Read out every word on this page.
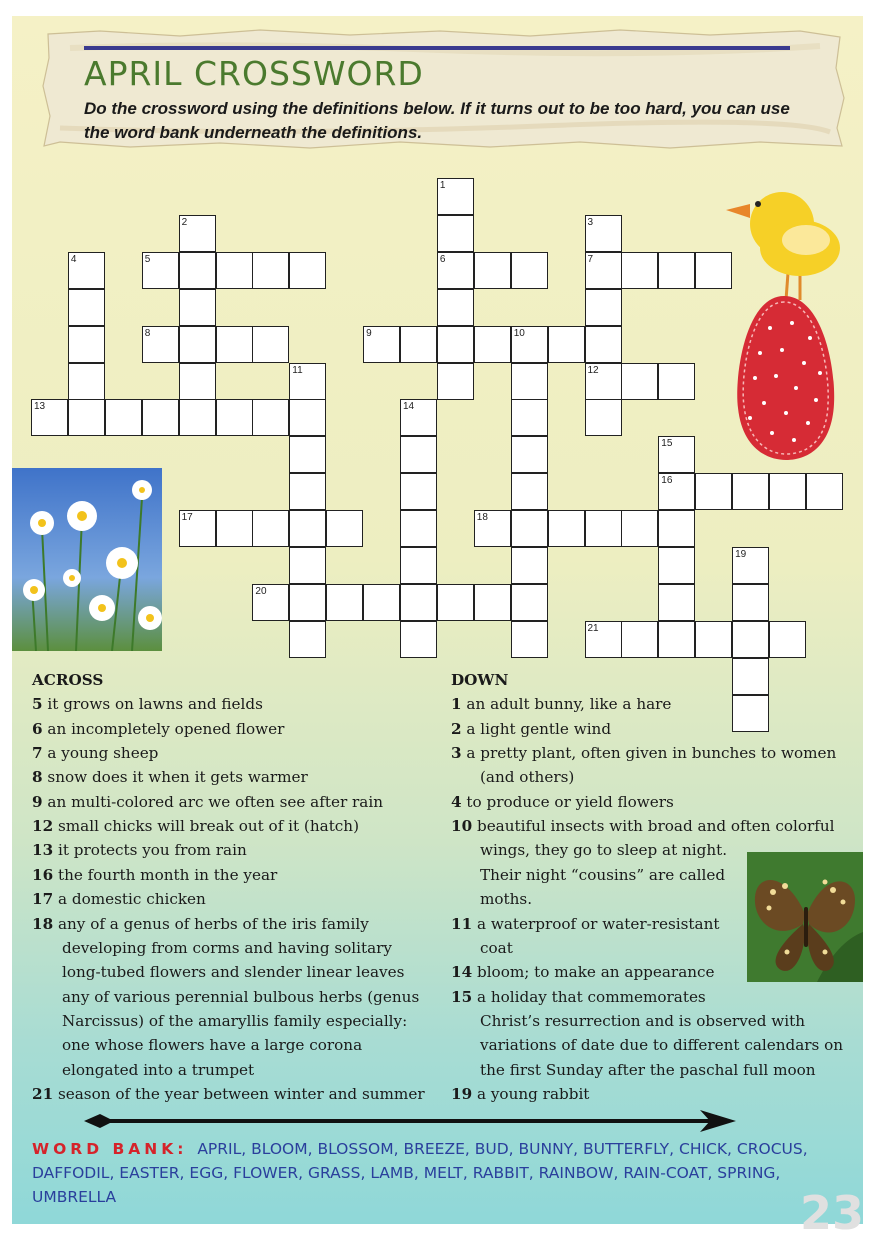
APRIL CROSSWORD
Do the crossword using the definitions below. If it turns out to be too hard, you can use the word bank underneath the definitions.
1
2	3
4	5	6	7
8	9	10
11	12
13	14
15
16
17	18
19
20
21
ACROSS
5 it grows on lawns and fields
6 an incompletely opened flower
7 a young sheep
8 snow does it when it gets warmer
9 an multi-colored arc we often see after rain
12 small chicks will break out of it (hatch)
13 it protects you from rain
16 the fourth month in the year
17 a domestic chicken
18 any of a genus of herbs of the iris family
developing from corms and having solitary
long-tubed flowers and slender linear leaves
any of various perennial bulbous herbs (genus
Narcissus) of the amaryllis family especially:
one whose flowers have a large corona
elongated into a trumpet
21 season of the year between winter and summer
DOWN
1 an adult bunny, like a hare
2 a light gentle wind
3 a pretty plant, often given in bunches to women
(and others)
4 to produce or yield flowers
10 beautiful insects with broad and often colorful
wings, they go to sleep at night.
Their night “cousins” are called
moths.
11 a waterproof or water-resistant
coat
14 bloom; to make an appearance
15 a holiday that commemorates
Christ’s resurrection and is observed with
variations of date due to different calendars on
the first Sunday after the paschal full moon
19 a young rabbit
WORD BANK: APRIL, BLOOM, BLOSSOM, BREEZE, BUD, BUNNY, BUTTERFLY, CHICK, CROCUS, DAFFODIL, EASTER, EGG, FLOWER, GRASS, LAMB, MELT, RABBIT, RAINBOW, RAIN-COAT, SPRING, UMBRELLA	23
